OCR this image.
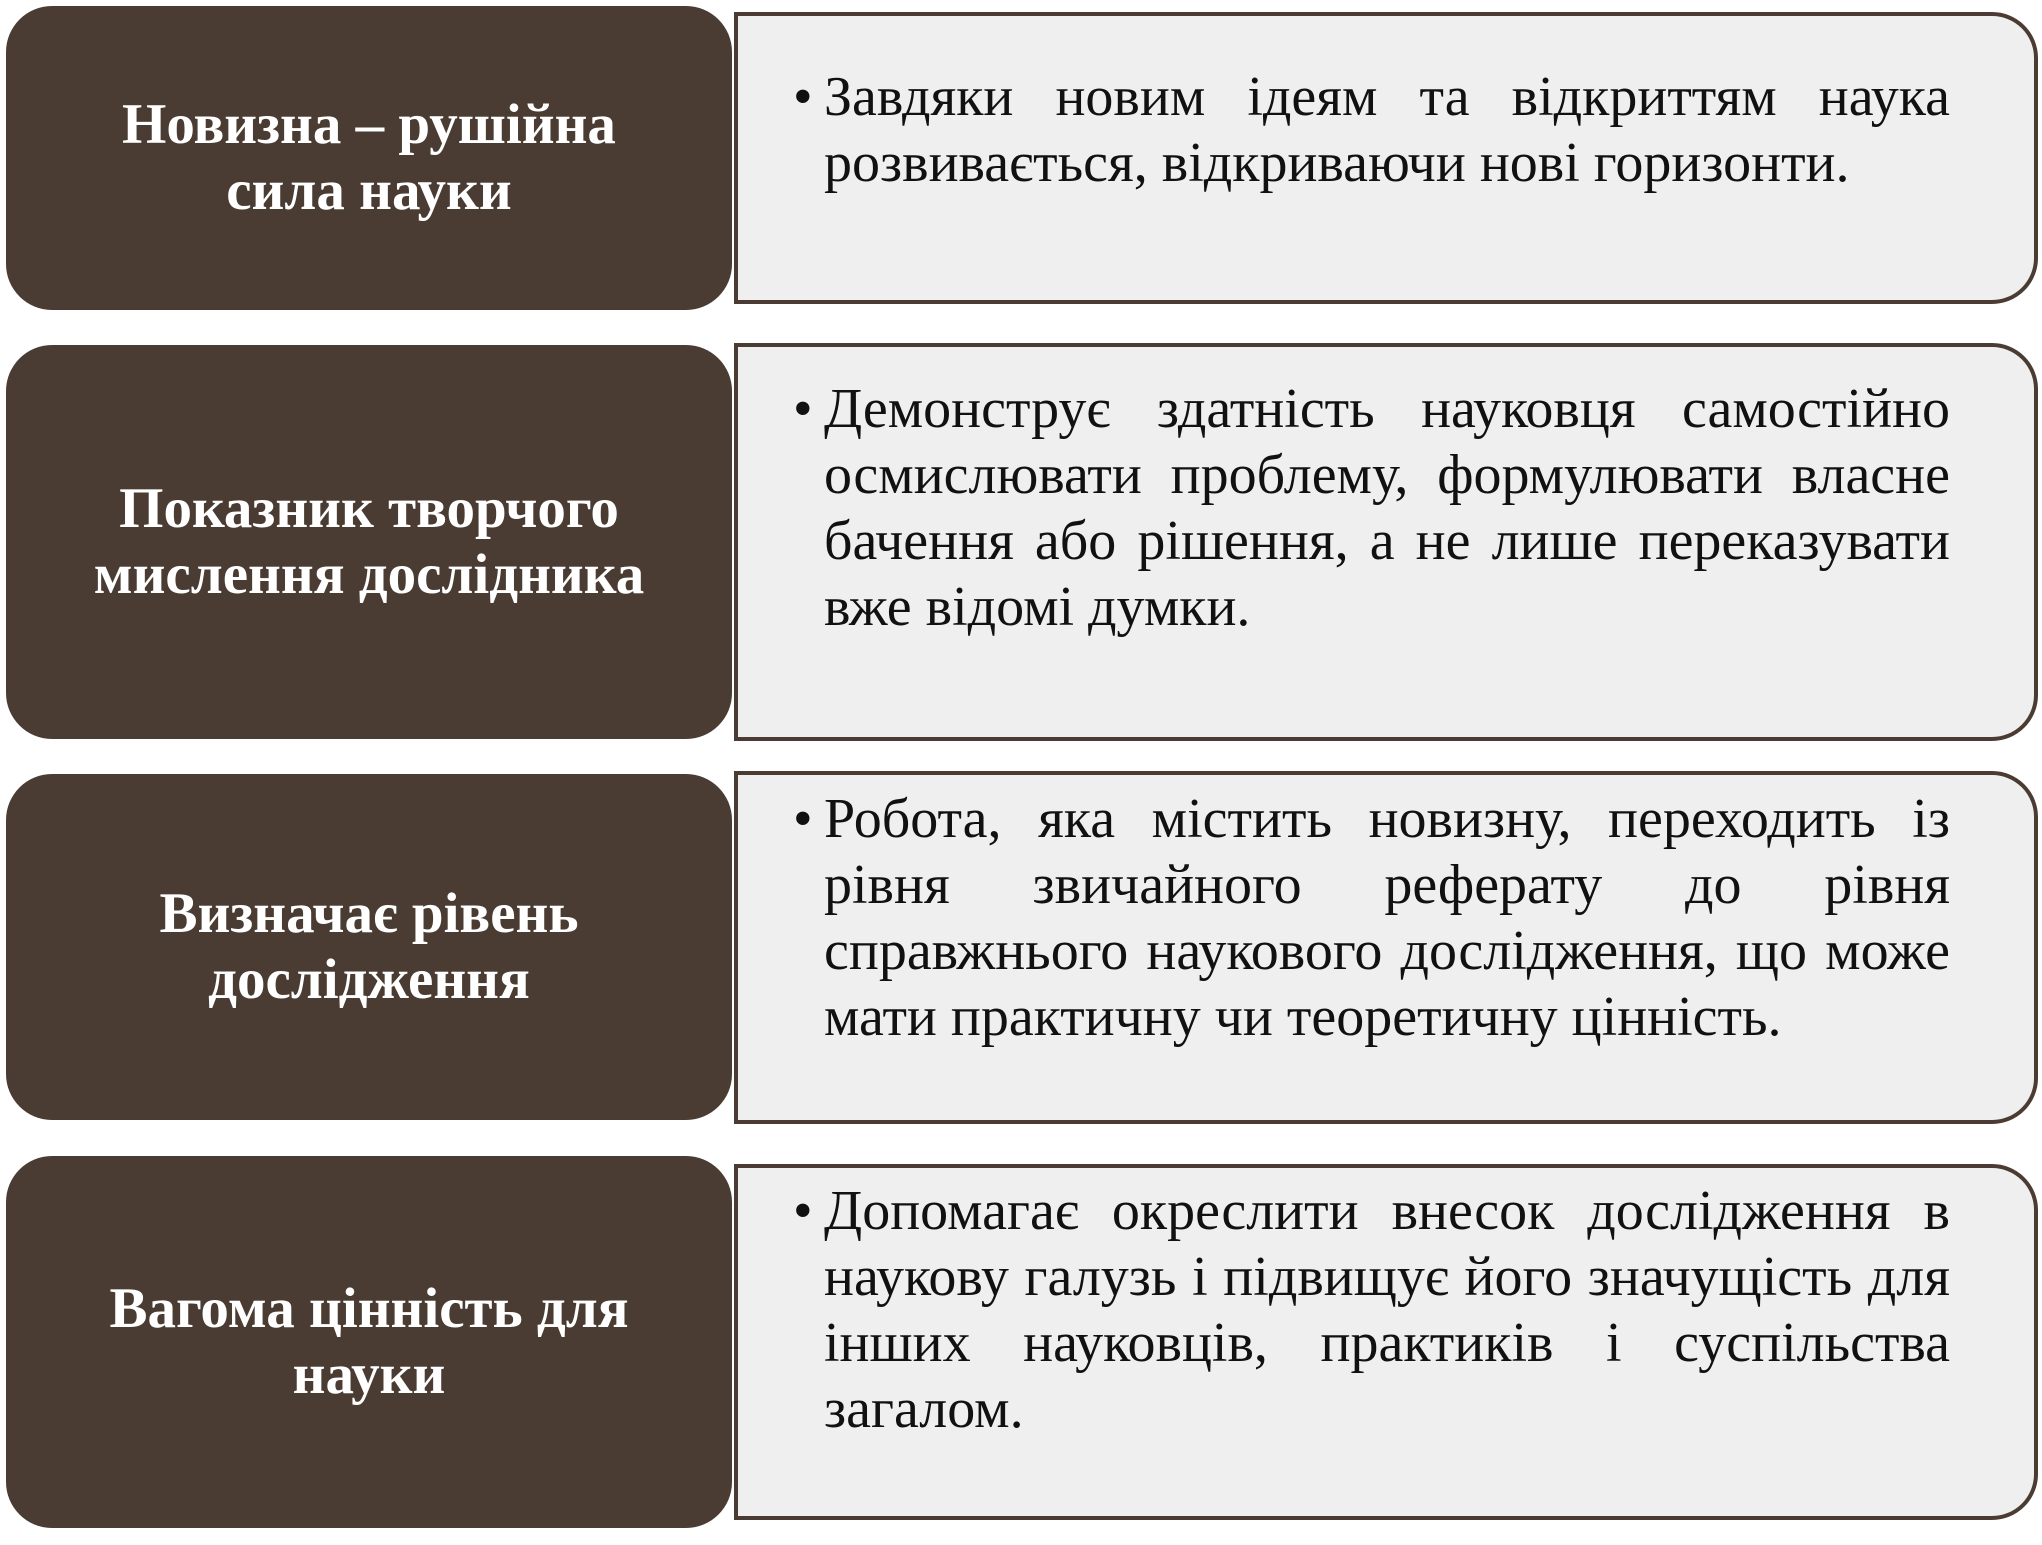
Новизна – рушійна сила науки
• Завдяки новим ідеям та відкриттям наука розвивається, відкриваючи нові горизонти.
Показник творчого мислення дослідника
• Демонструє здатність науковця самостійно осмислювати проблему, формулювати власне бачення або рішення, а не лише переказувати вже відомі думки.
Визначає рівень дослідження
• Робота, яка містить новизну, переходить із рівня звичайного реферату до рівня справжнього наукового дослідження, що може мати практичну чи теоретичну цінність.
Вагома цінність для науки
• Допомагає окреслити внесок дослідження в наукову галузь і підвищує його значущість для інших науковців, практиків і суспільства загалом.
